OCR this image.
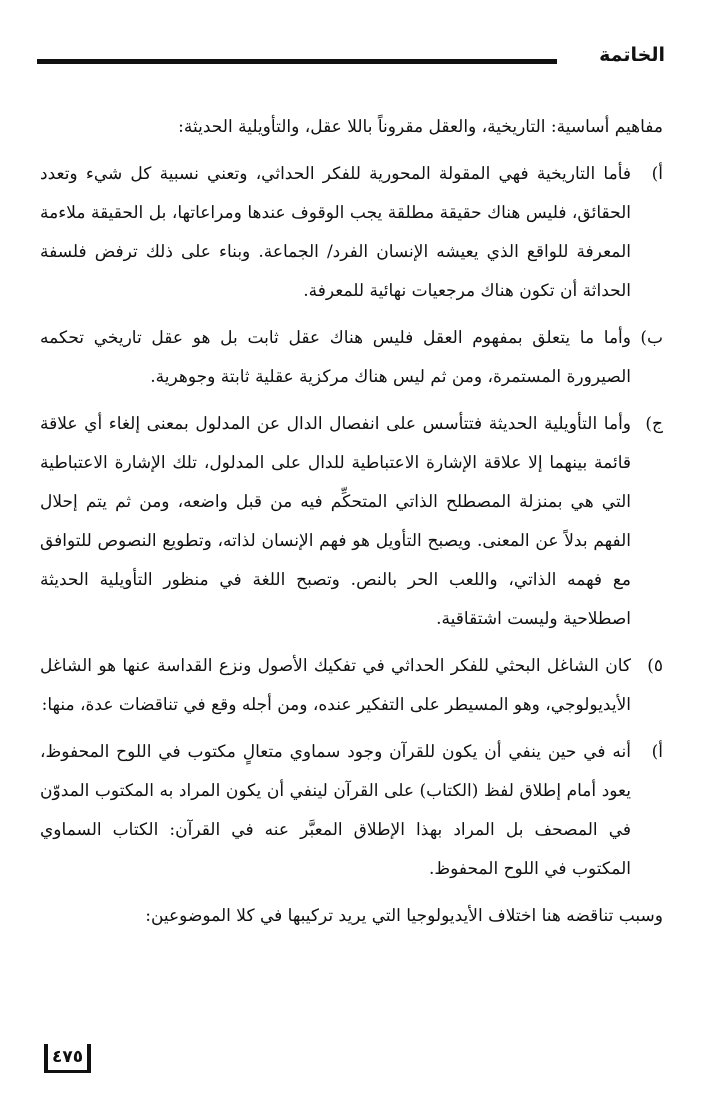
الخاتمة

مفاهيم أساسية: التاريخية، والعقل مقروناً باللا عقل، والتأويلية الحديثة:

أ)
فأما التاريخية فهي المقولة المحورية للفكر الحداثي، وتعني نسبية كل شيء وتعدد الحقائق، فليس هناك حقيقة مطلقة يجب الوقوف عندها ومراعاتها، بل الحقيقة ملاءمة المعرفة للواقع الذي يعيشه الإنسان الفرد/ الجماعة. وبناء على ذلك ترفض فلسفة الحداثة أن تكون هناك مرجعيات نهائية للمعرفة.
ب)
وأما ما يتعلق بمفهوم العقل فليس هناك عقل ثابت بل هو عقل تاريخي تحكمه الصيرورة المستمرة، ومن ثم ليس هناك مركزية عقلية ثابتة وجوهرية.
ج)
وأما التأويلية الحديثة فتتأسس على انفصال الدال عن المدلول بمعنى إلغاء أي علاقة قائمة بينهما إلا علاقة الإشارة الاعتباطية للدال على المدلول، تلك الإشارة الاعتباطية التي هي بمنزلة المصطلح الذاتي المتحكِّم فيه من قبل واضعه، ومن ثم يتم إحلال الفهم بدلاً عن المعنى. ويصبح التأويل هو فهم الإنسان لذاته، وتطويع النصوص للتوافق مع فهمه الذاتي، واللعب الحر بالنص. وتصبح اللغة في منظور التأويلية الحديثة اصطلاحية وليست اشتقاقية.
٥)
كان الشاغل البحثي للفكر الحداثي في تفكيك الأصول ونزع القداسة عنها هو الشاغل الأيديولوجي، وهو المسيطر على التفكير عنده، ومن أجله وقع في تناقضات عدة، منها:
أ)
أنه في حين ينفي أن يكون للقرآن وجود سماوي متعالٍ مكتوب في اللوح المحفوظ، يعود أمام إطلاق لفظ (الكتاب) على القرآن لينفي أن يكون المراد به المكتوب المدوّن في المصحف بل المراد بهذا الإطلاق المعبَّر عنه في القرآن: الكتاب السماوي المكتوب في اللوح المحفوظ.

وسبب تناقضه هنا اختلاف الأيديولوجيا التي يريد تركيبها في كلا الموضوعين:

٤٧٥
